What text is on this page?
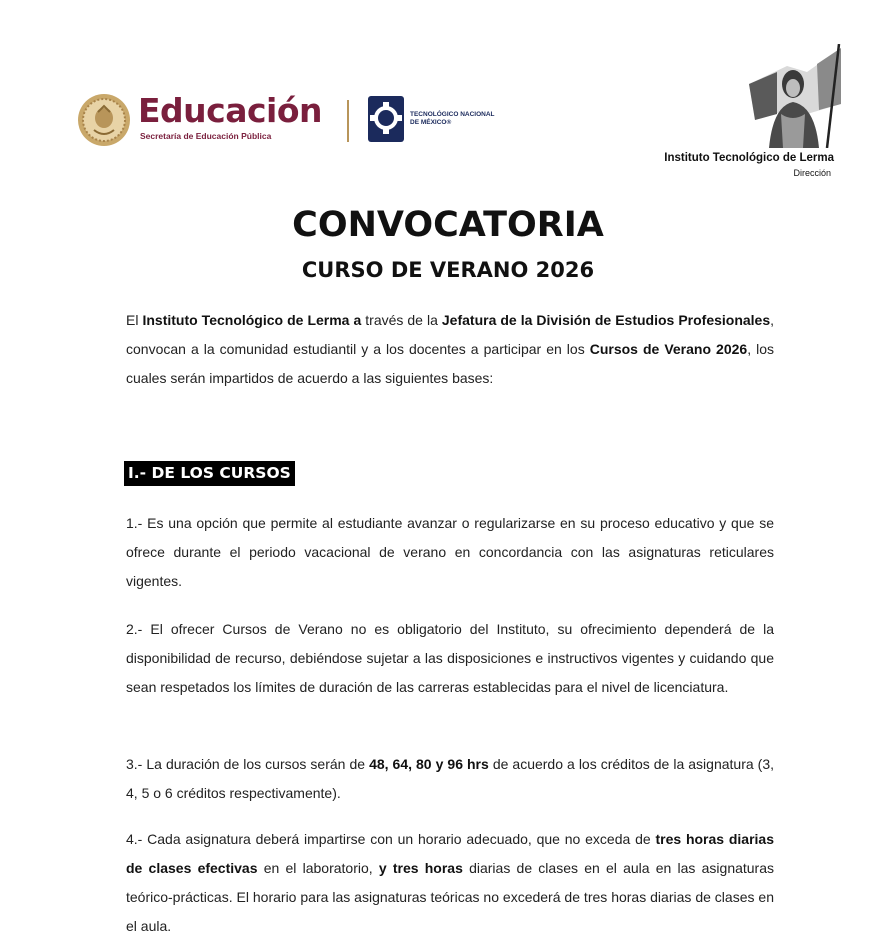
Educación
Secretaría de Educación Pública
TECNOLÓGICO NACIONAL DE MÉXICO®
Instituto Tecnológico de Lerma
Dirección
CONVOCATORIA
CURSO DE VERANO 2026
El Instituto Tecnológico de Lerma a través de la Jefatura de la División de Estudios Profesionales, convocan a la comunidad estudiantil y a los docentes a participar en los Cursos de Verano 2026, los cuales serán impartidos de acuerdo a las siguientes bases:
I.- DE LOS CURSOS
1.- Es una opción que permite al estudiante avanzar o regularizarse en su proceso educativo y que se ofrece durante el periodo vacacional de verano en concordancia con las asignaturas reticulares vigentes.
2.- El ofrecer Cursos de Verano no es obligatorio del Instituto, su ofrecimiento dependerá de la disponibilidad de recurso, debiéndose sujetar a las disposiciones e instructivos vigentes y cuidando que sean respetados los límites de duración de las carreras establecidas para el nivel de licenciatura.
3.- La duración de los cursos serán de 48, 64, 80 y 96 hrs de acuerdo a los créditos de la asignatura (3, 4, 5 o 6 créditos respectivamente).
4.- Cada asignatura deberá impartirse con un horario adecuado, que no exceda de tres horas diarias de clases efectivas en el laboratorio, y tres horas diarias de clases en el aula en las asignaturas teórico-prácticas. El horario para las asignaturas teóricas no excederá de tres horas diarias de clases en el aula.
